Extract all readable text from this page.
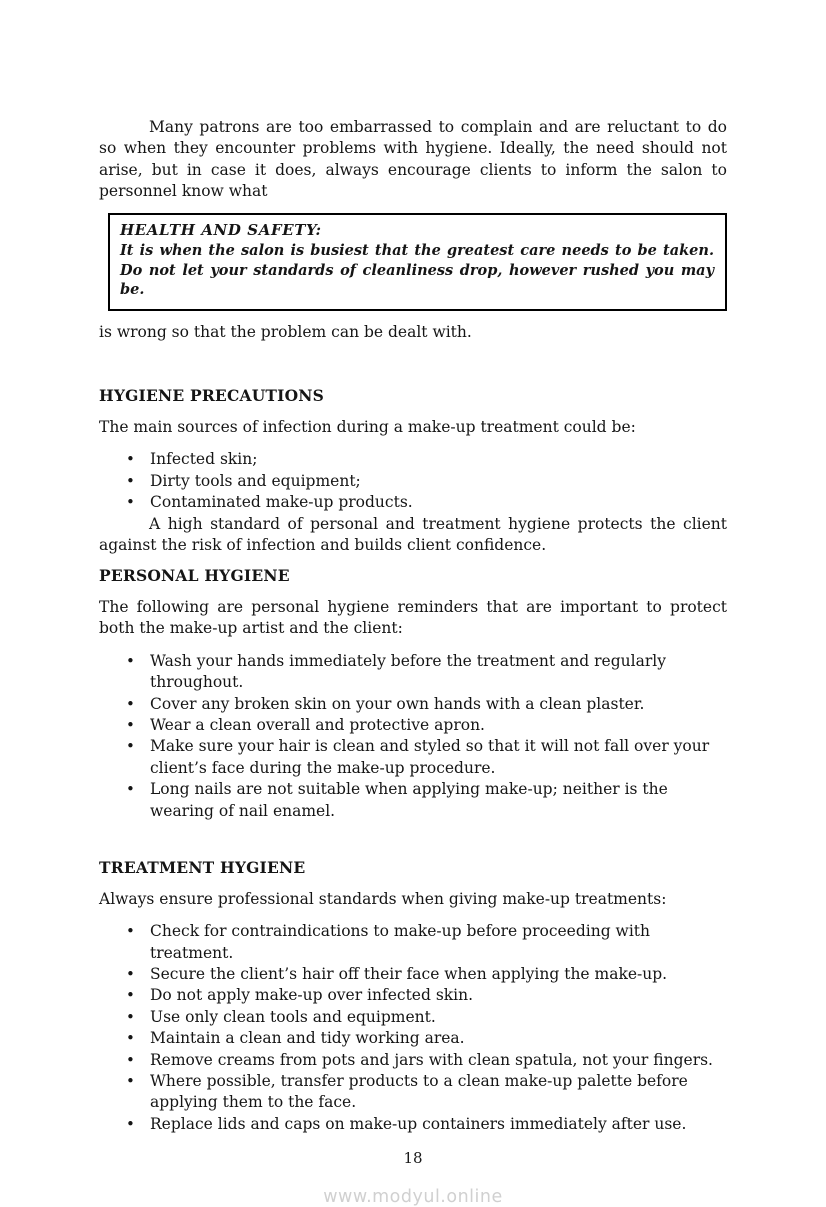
Many patrons are too embarrassed to complain and are reluctant to do so when they encounter problems with hygiene. Ideally, the need should not arise, but in case it does, always encourage clients to inform the salon to personnel know what

HEALTH AND SAFETY:
It is when the salon is busiest that the greatest care needs to be taken. Do not let your standards of cleanliness drop, however rushed you may be.

is wrong so that the problem can be dealt with.

HYGIENE PRECAUTIONS

The main sources of infection during a make-up treatment could be:

• Infected skin;
• Dirty tools and equipment;
• Contaminated make-up products.

A high standard of personal and treatment hygiene protects the client against the risk of infection and builds client confidence.

PERSONAL HYGIENE

The following are personal hygiene reminders that are important to protect both the make-up artist and the client:

• Wash your hands immediately before the treatment and regularly throughout.
• Cover any broken skin on your own hands with a clean plaster.
• Wear a clean overall and protective apron.
• Make sure your hair is clean and styled so that it will not fall over your client’s face during the make-up procedure.
• Long nails are not suitable when applying make-up; neither is the wearing of nail enamel.
TREATMENT HYGIENE

Always ensure professional standards when giving make-up treatments:

• Check for contraindications to make-up before proceeding with treatment.
• Secure the client’s hair off their face when applying the make-up.
• Do not apply make-up over infected skin.
• Use only clean tools and equipment.
• Maintain a clean and tidy working area.
• Remove creams from pots and jars with clean spatula, not your fingers.
• Where possible, transfer products to a clean make-up palette before applying them to the face.
• Replace lids and caps on make-up containers immediately after use.
18
www.modyul.online
